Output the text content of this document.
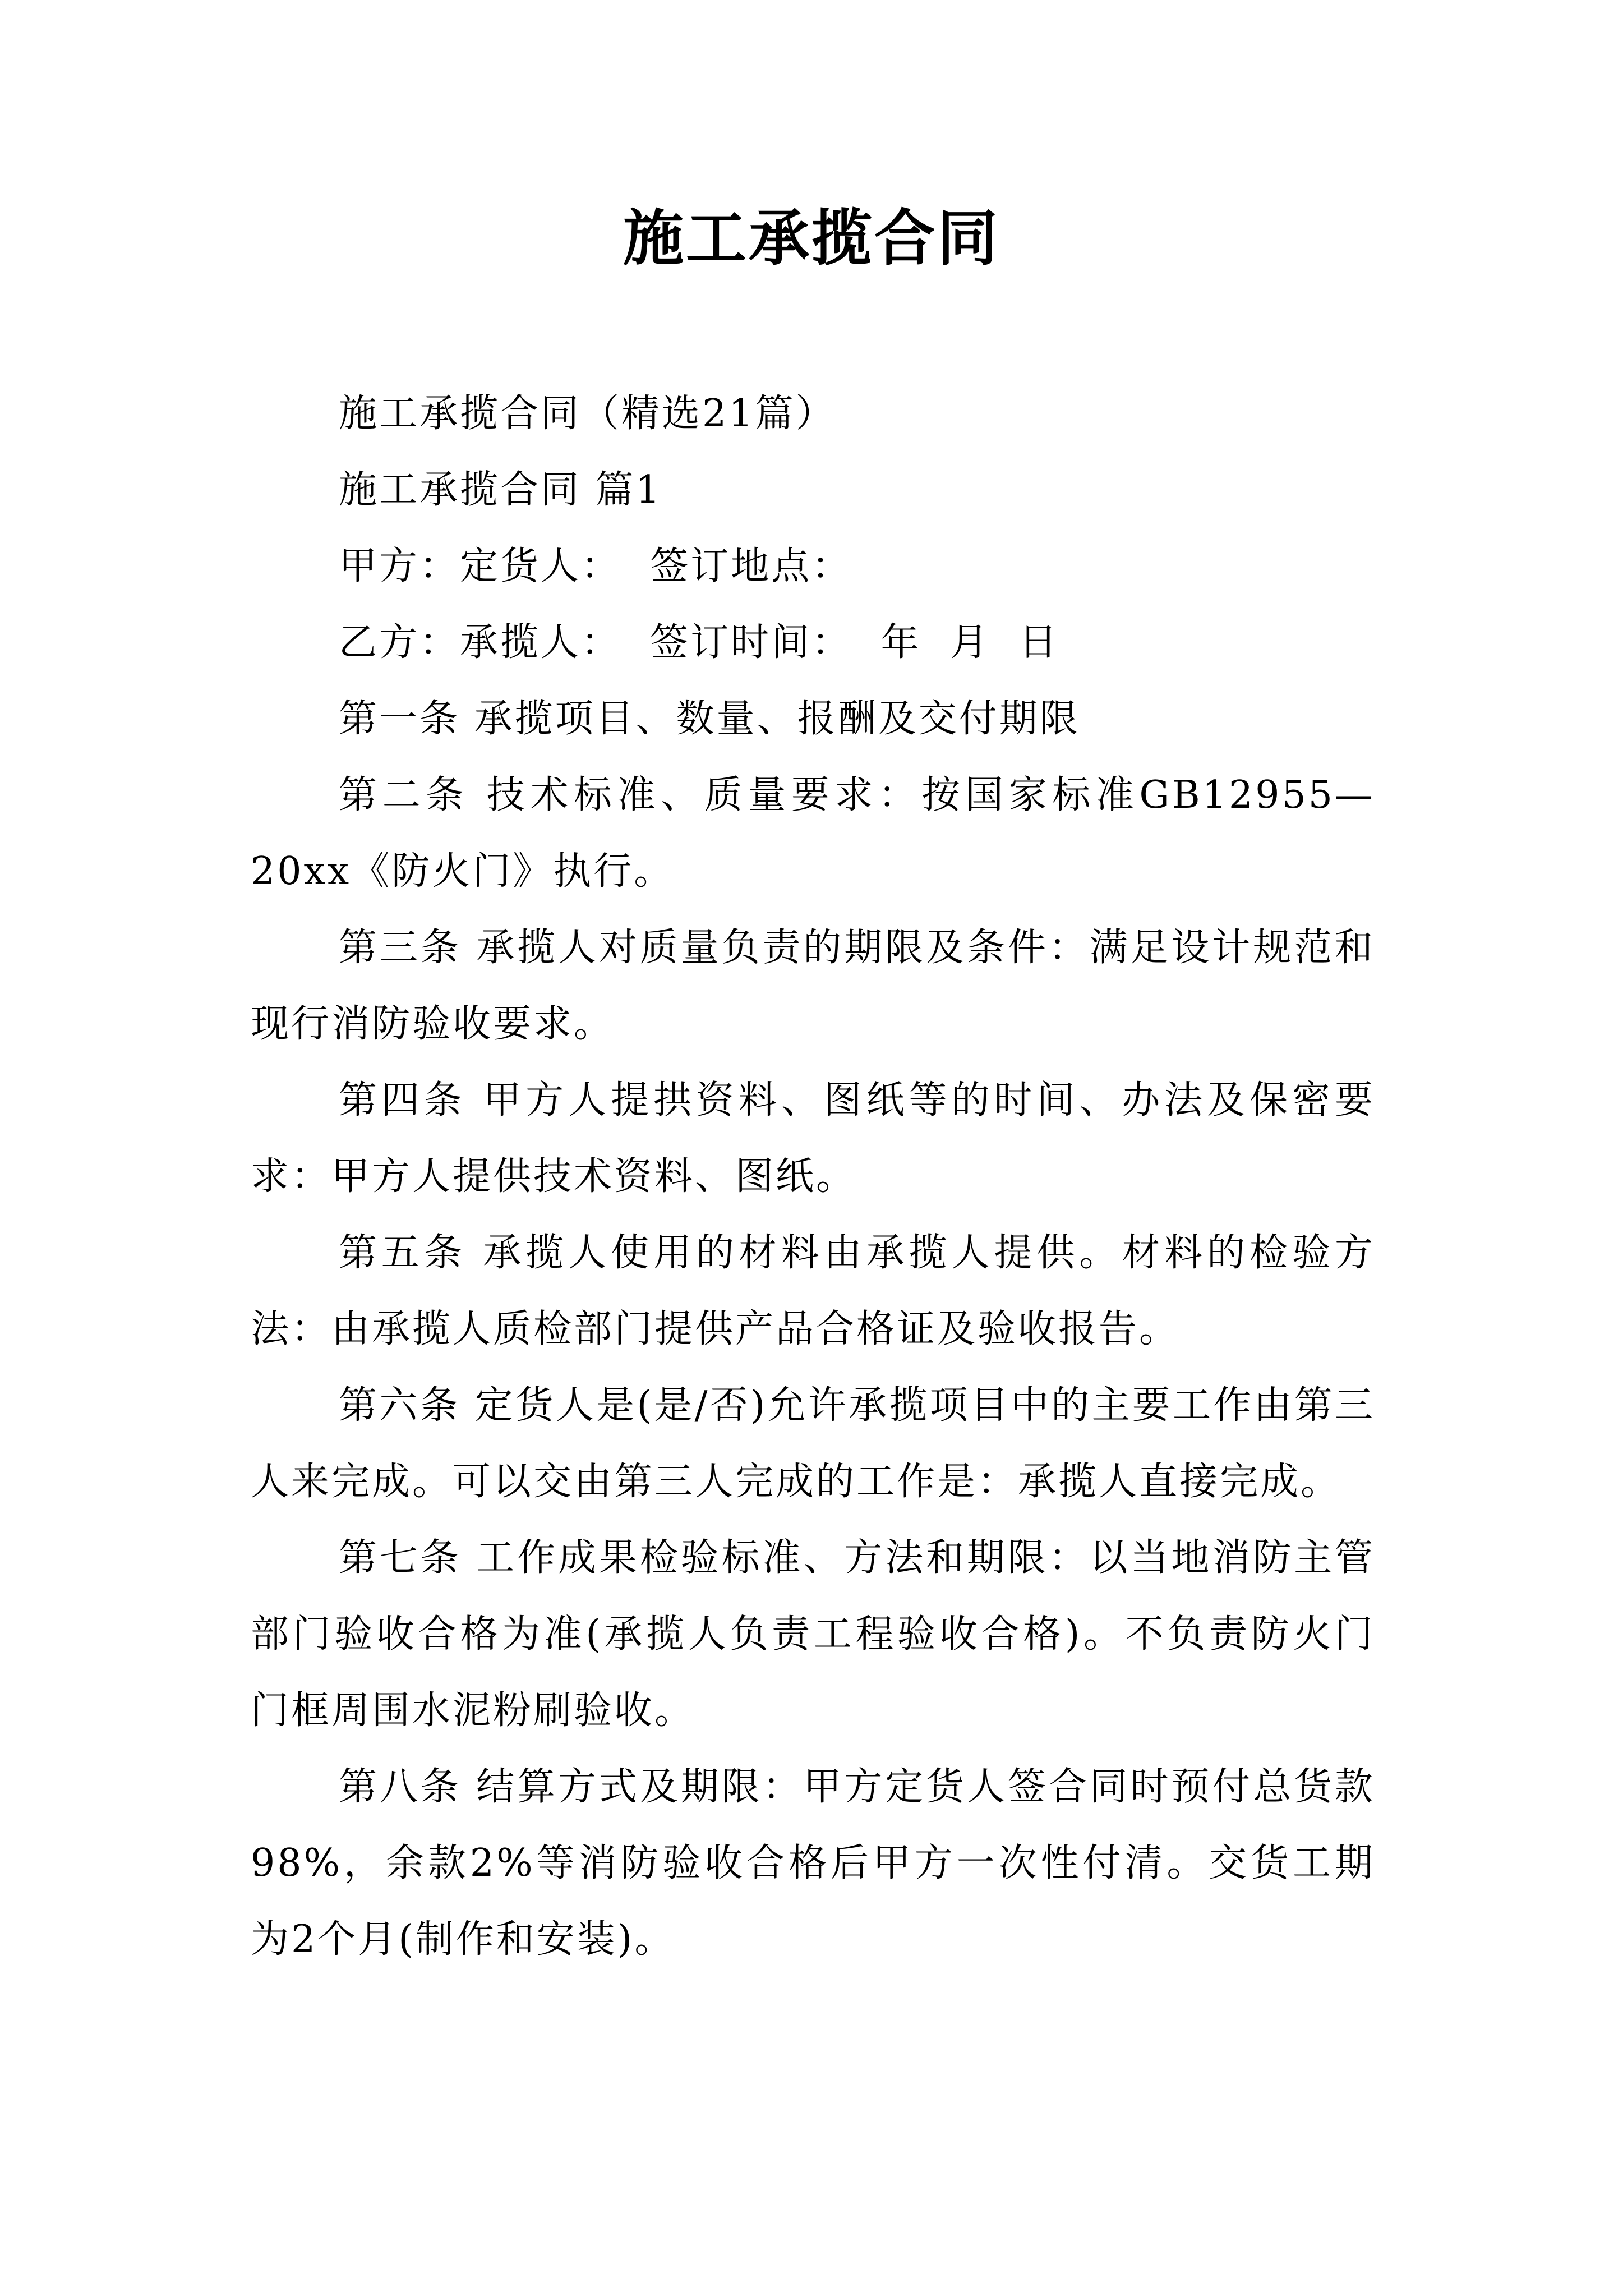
施工承揽合同

施工承揽合同（精选21篇）

施工承揽合同 篇1

甲方：定货人：  签订地点：

乙方：承揽人：  签订时间：  年  月  日

第一条 承揽项目、数量、报酬及交付期限

第二条 技术标准、质量要求：按国家标准GB12955—20xx《防火门》执行。

第三条 承揽人对质量负责的期限及条件：满足设计规范和现行消防验收要求。

第四条 甲方人提拱资料、图纸等的时间、办法及保密要求：甲方人提供技术资料、图纸。

第五条 承揽人使用的材料由承揽人提供。材料的检验方法：由承揽人质检部门提供产品合格证及验收报告。

第六条 定货人是(是/否)允许承揽项目中的主要工作由第三人来完成。可以交由第三人完成的工作是：承揽人直接完成。

第七条 工作成果检验标准、方法和期限：以当地消防主管部门验收合格为准(承揽人负责工程验收合格)。不负责防火门门框周围水泥粉刷验收。

第八条 结算方式及期限：甲方定货人签合同时预付总货款98%，余款2%等消防验收合格后甲方一次性付清。交货工期为2个月(制作和安装)。
